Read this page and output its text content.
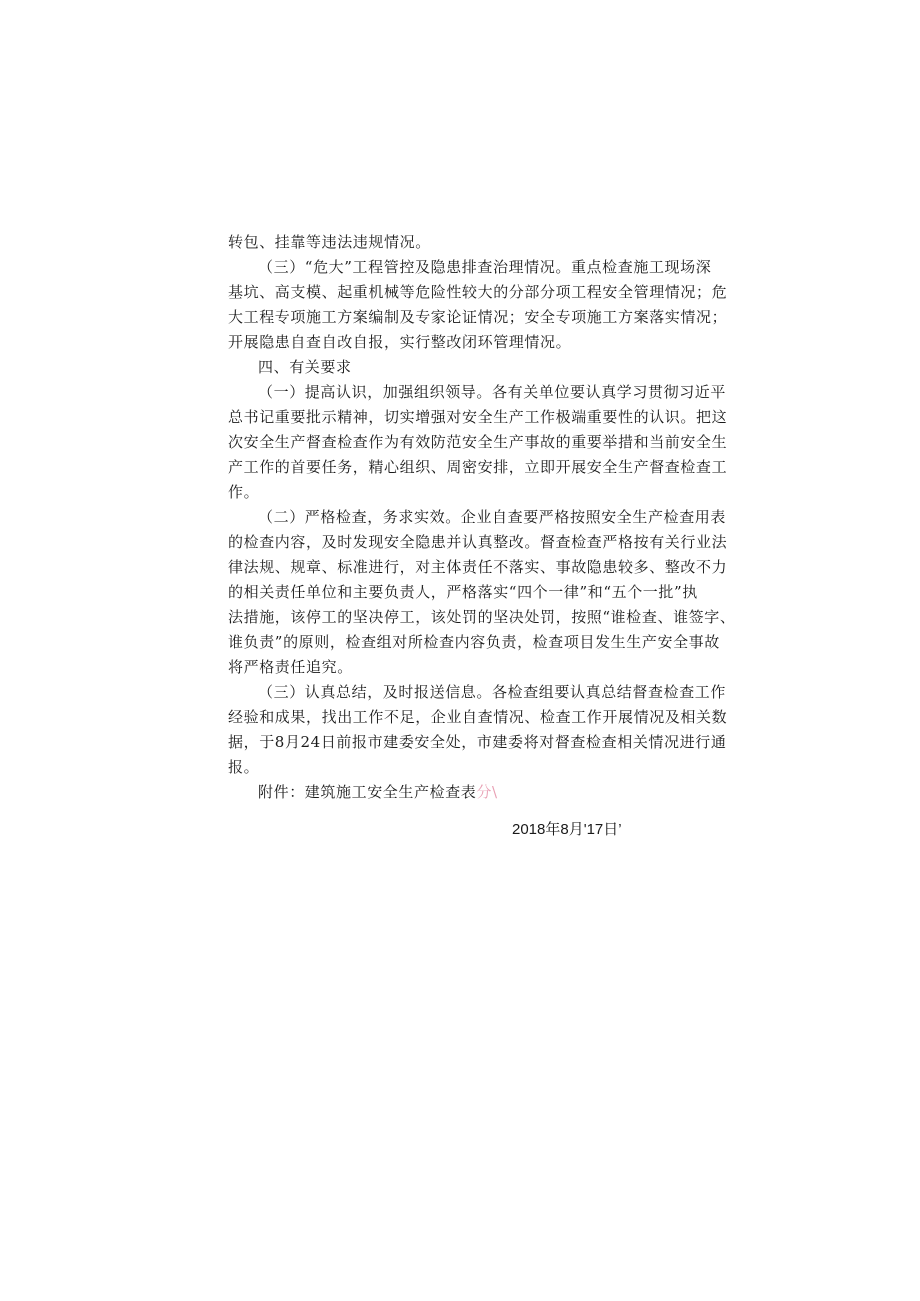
转包、挂靠等违法违规情况。
（三）“危大”工程管控及隐患排查治理情况。重点检查施工现场深
基坑、高支模、起重机械等危险性较大的分部分项工程安全管理情况；危
大工程专项施工方案编制及专家论证情况；安全专项施工方案落实情况；
开展隐患自查自改自报，实行整改闭环管理情况。
四、有关要求
（一）提高认识，加强组织领导。各有关单位要认真学习贯彻习近平
总书记重要批示精神，切实增强对安全生产工作极端重要性的认识。把这
次安全生产督查检查作为有效防范安全生产事故的重要举措和当前安全生
产工作的首要任务，精心组织、周密安排，立即开展安全生产督查检查工
作。
（二）严格检查，务求实效。企业自查要严格按照安全生产检查用表
的检查内容，及时发现安全隐患并认真整改。督查检查严格按有关行业法
律法规、规章、标准进行，对主体责任不落实、事故隐患较多、整改不力
的相关责任单位和主要负责人，严格落实“四个一律”和“五个一批”执
法措施，该停工的坚决停工，该处罚的坚决处罚，按照“谁检查、谁签字、
谁负责”的原则，检查组对所检查内容负责，检查项目发生生产安全事故
将严格责任追究。
（三）认真总结，及时报送信息。各检查组要认真总结督查检查工作
经验和成果，找出工作不足，企业自查情况、检查工作开展情况及相关数
据，于8月24日前报市建委安全处，市建委将对督查检查相关情况进行通
报。
附件：建筑施工安全生产检查表分\
2018年8月'17日’
